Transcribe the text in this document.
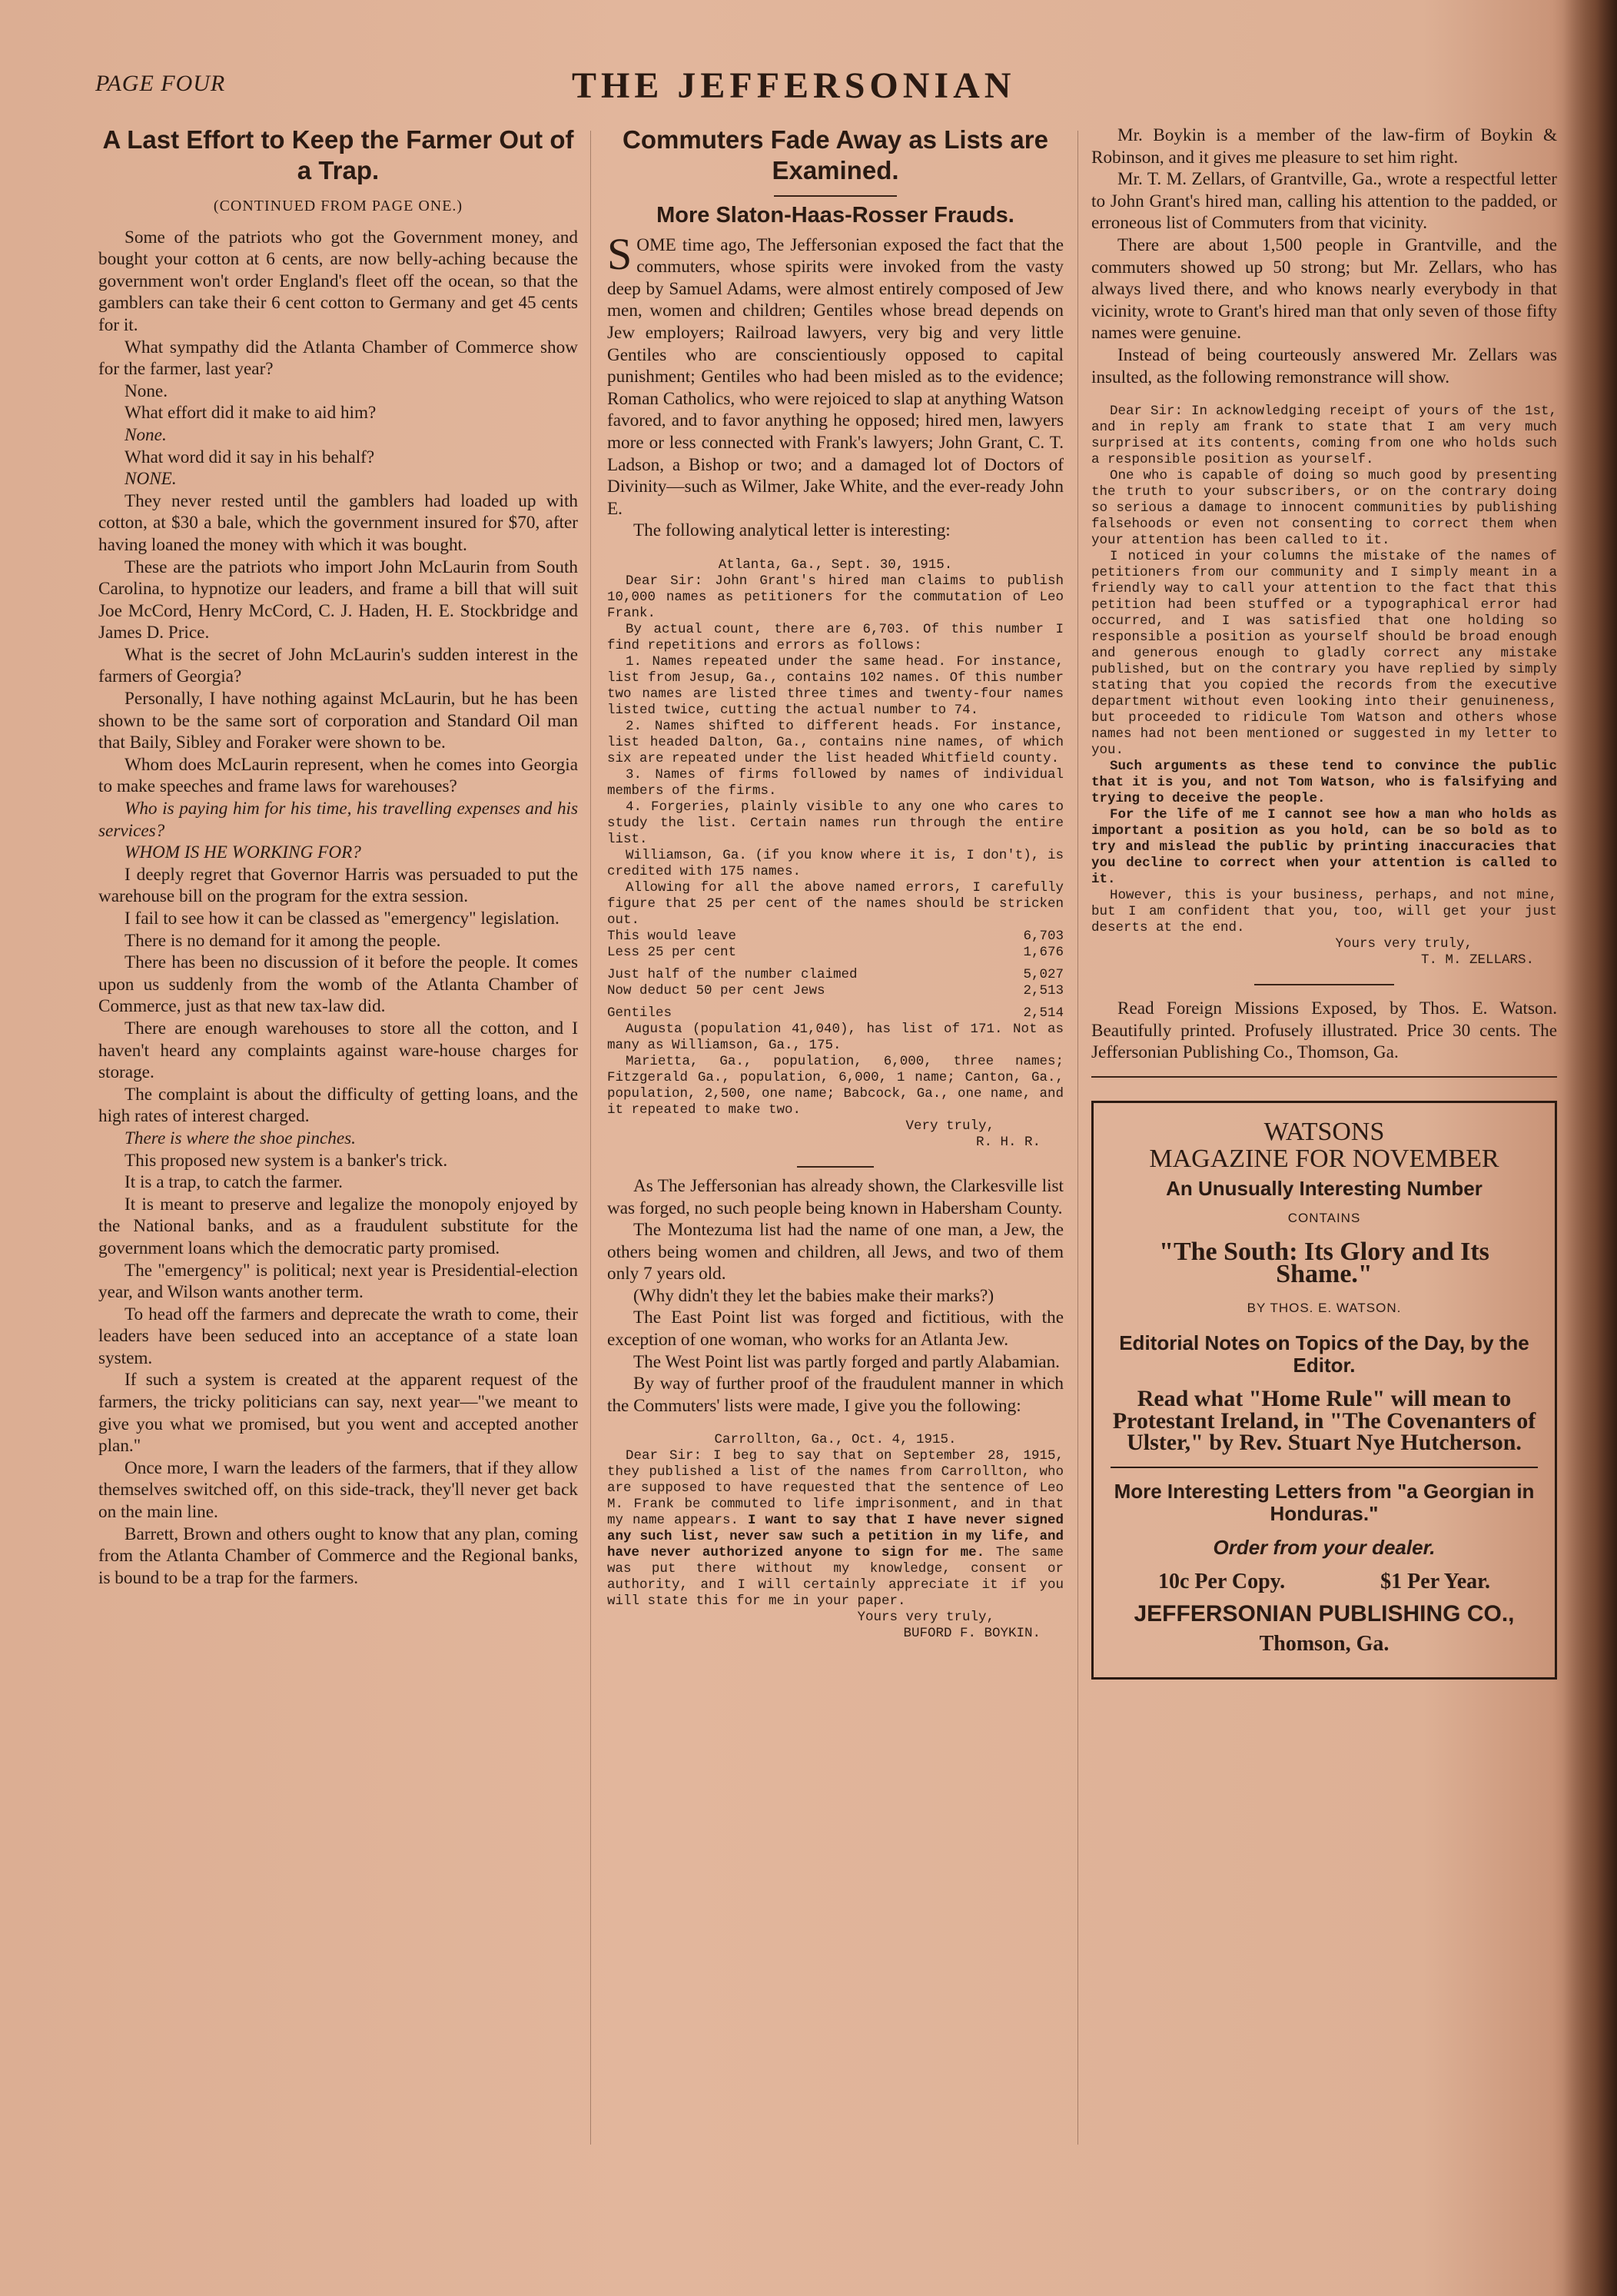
PAGE FOUR	THE JEFFERSONIAN
A Last Effort to Keep the Farmer Out of a Trap.
(CONTINUED FROM PAGE ONE.)

Some of the patriots who got the Government money, and bought your cotton at 6 cents, are now belly-aching because the government won't order England's fleet off the ocean, so that the gamblers can take their 6 cent cotton to Germany and get 45 cents for it.

What sympathy did the Atlanta Chamber of Commerce show for the farmer, last year?

None.

What effort did it make to aid him?

None.

What word did it say in his behalf?

NONE.

They never rested until the gamblers had loaded up with cotton, at $30 a bale, which the government insured for $70, after having loaned the money with which it was bought.

These are the patriots who import John McLaurin from South Carolina, to hypnotize our leaders, and frame a bill that will suit Joe McCord, Henry McCord, C. J. Haden, H. E. Stockbridge and James D. Price.

What is the secret of John McLaurin's sudden interest in the farmers of Georgia?

Personally, I have nothing against McLaurin, but he has been shown to be the same sort of corporation and Standard Oil man that Baily, Sibley and Foraker were shown to be.

Whom does McLaurin represent, when he comes into Georgia to make speeches and frame laws for warehouses?

Who is paying him for his time, his travelling expenses and his services?

WHOM IS HE WORKING FOR?

I deeply regret that Governor Harris was persuaded to put the warehouse bill on the program for the extra session.

I fail to see how it can be classed as "emergency" legislation.

There is no demand for it among the people.

There has been no discussion of it before the people. It comes upon us suddenly from the womb of the Atlanta Chamber of Commerce, just as that new tax-law did.

There are enough warehouses to store all the cotton, and I haven't heard any complaints against ware-house charges for storage.

The complaint is about the difficulty of getting loans, and the high rates of interest charged.

There is where the shoe pinches.

This proposed new system is a banker's trick.

It is a trap, to catch the farmer.

It is meant to preserve and legalize the monopoly enjoyed by the National banks, and as a fraudulent substitute for the government loans which the democratic party promised.

The "emergency" is political; next year is Presidential-election year, and Wilson wants another term.

To head off the farmers and deprecate the wrath to come, their leaders have been seduced into an acceptance of a state loan system.

If such a system is created at the apparent request of the farmers, the tricky politicians can say, next year—"we meant to give you what we promised, but you went and accepted another plan."

Once more, I warn the leaders of the farmers, that if they allow themselves switched off, on this side-track, they'll never get back on the main line.

Barrett, Brown and others ought to know that any plan, coming from the Atlanta Chamber of Commerce and the Regional banks, is bound to be a trap for the farmers.

Commuters Fade Away as Lists are Examined.
More Slaton-Haas-Rosser Frauds.

SOME time ago, The Jeffersonian exposed the fact that the commuters, whose spirits were invoked from the vasty deep by Samuel Adams, were almost entirely composed of Jew men, women and children; Gentiles whose bread depends on Jew employers; Railroad lawyers, very big and very little Gentiles who are conscientiously opposed to capital punishment; Gentiles who had been misled as to the evidence; Roman Catholics, who were rejoiced to slap at anything Watson favored, and to favor anything he opposed; hired men, lawyers more or less connected with Frank's lawyers; John Grant, C. T. Ladson, a Bishop or two; and a damaged lot of Doctors of Divinity—such as Wilmer, Jake White, and the ever-ready John E.

The following analytical letter is interesting:

Atlanta, Ga., Sept. 30, 1915.

Dear Sir: John Grant's hired man claims to publish 10,000 names as petitioners for the commutation of Leo Frank.

By actual count, there are 6,703. Of this number I find repetitions and errors as follows:

1. Names repeated under the same head. For instance, list from Jesup, Ga., contains 102 names. Of this number two names are listed three times and twenty-four names listed twice, cutting the actual number to 74.

2. Names shifted to different heads. For instance, list headed Dalton, Ga., contains nine names, of which six are repeated under the list headed Whitfield county.

3. Names of firms followed by names of individual members of the firms.

4. Forgeries, plainly visible to any one who cares to study the list. Certain names run through the entire list.

Williamson, Ga. (if you know where it is, I don't), is credited with 175 names.

Allowing for all the above named errors, I carefully figure that 25 per cent of the names should be stricken out.

This would leave	6,703
Less 25 per cent	1,676
Just half of the number claimed	5,027
Now deduct 50 per cent Jews	2,513
Gentiles	2,514

Augusta (population 41,040), has list of 171. Not as many as Williamson, Ga., 175.

Marietta, Ga., population, 6,000, three names; Fitzgerald Ga., population, 6,000, 1 name; Canton, Ga., population, 2,500, one name; Babcock, Ga., one name, and it repeated to make two.

Very truly,

R. H. R.

As The Jeffersonian has already shown, the Clarkesville list was forged, no such people being known in Habersham County.

The Montezuma list had the name of one man, a Jew, the others being women and children, all Jews, and two of them only 7 years old.

(Why didn't they let the babies make their marks?)

The East Point list was forged and fictitious, with the exception of one woman, who works for an Atlanta Jew.

The West Point list was partly forged and partly Alabamian.

By way of further proof of the fraudulent manner in which the Commuters' lists were made, I give you the following:

Carrollton, Ga., Oct. 4, 1915.

Dear Sir: I beg to say that on September 28, 1915, they published a list of the names from Carrollton, who are supposed to have requested that the sentence of Leo M. Frank be commuted to life imprisonment, and in that my name appears. I want to say that I have never signed any such list, never saw such a petition in my life, and have never authorized anyone to sign for me. The same was put there without my knowledge, consent or authority, and I will certainly appreciate it if you will state this for me in your paper.

Yours very truly,

BUFORD F. BOYKIN.

Mr. Boykin is a member of the law-firm of Boykin & Robinson, and it gives me pleasure to set him right.

Mr. T. M. Zellars, of Grantville, Ga., wrote a respectful letter to John Grant's hired man, calling his attention to the padded, or erroneous list of Commuters from that vicinity.

There are about 1,500 people in Grantville, and the commuters showed up 50 strong; but Mr. Zellars, who has always lived there, and who knows nearly everybody in that vicinity, wrote to Grant's hired man that only seven of those fifty names were genuine.

Instead of being courteously answered Mr. Zellars was insulted, as the following remonstrance will show.

Dear Sir: In acknowledging receipt of yours of the 1st, and in reply am frank to state that I am very much surprised at its contents, coming from one who holds such a responsible position as yourself.

One who is capable of doing so much good by presenting the truth to your subscribers, or on the contrary doing so serious a damage to innocent communities by publishing falsehoods or even not consenting to correct them when your attention has been called to it.

I noticed in your columns the mistake of the names of petitioners from our community and I simply meant in a friendly way to call your attention to the fact that this petition had been stuffed or a typographical error had occurred, and I was satisfied that one holding so responsible a position as yourself should be broad enough and generous enough to gladly correct any mistake published, but on the contrary you have replied by simply stating that you copied the records from the executive department without even looking into their genuineness, but proceeded to ridicule Tom Watson and others whose names had not been mentioned or suggested in my letter to you.

Such arguments as these tend to convince the public that it is you, and not Tom Watson, who is falsifying and trying to deceive the people.

For the life of me I cannot see how a man who holds as important a position as you hold, can be so bold as to try and mislead the public by printing inaccuracies that you decline to correct when your attention is called to it.

However, this is your business, perhaps, and not mine, but I am confident that you, too, will get your just deserts at the end.

Yours very truly,

T. M. ZELLARS.

Read Foreign Missions Exposed, by Thos. E. Watson. Beautifully printed. Profusely illustrated. Price 30 cents. The Jeffersonian Publishing Co., Thomson, Ga.

WATSONS
MAGAZINE FOR NOVEMBER
An Unusually Interesting Number
CONTAINS
"The South: Its Glory and Its Shame."
BY THOS. E. WATSON.
Editorial Notes on Topics of the Day, by the Editor.
Read what "Home Rule" will mean to Protestant Ireland, in "The Covenanters of Ulster," by Rev. Stuart Nye Hutcherson.
More Interesting Letters from "a Georgian in Honduras."
Order from your dealer.
10c Per Copy.	$1 Per Year.
JEFFERSONIAN PUBLISHING CO.,
Thomson, Ga.
